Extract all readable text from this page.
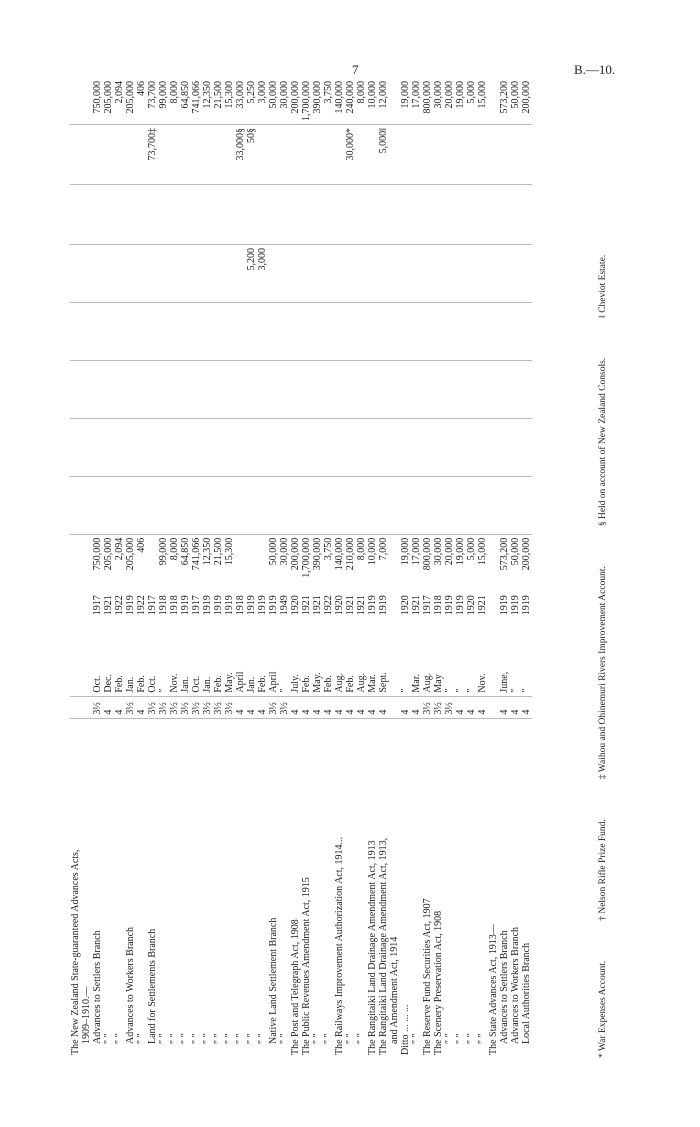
7	B.—10.
The New Zealand State-guaranteed Advances Acts,												
1909–1910.—												
Advances to Settlers Branch	3½	Oct.	1917	750,000								750,000
″ ″	4	Dec.	1921	205,000								205,000
″ ″	4	Feb.	1922	2,094								2,094
Advances to Workers Branch	3½	Jan.	1919	205,000								205,000
″ ″	4	Feb.	1922	406								406
Land for Settlements Branch	3½	Oct.	1917								73,700‡	73,700
″ ″	3½	″	1918	99,000								99,000
″ ″	3½	Nov.	1918	8,000								8,000
″ ″	3½	Jan.	1919	64,850								64,850
″ ″	3½	Oct.	1917	741,066								741,066
″ ″	3½	Jan.	1919	12,350								12,350
″ ″	3½	Feb.	1919	21,500								21,500
″ ″	3½	May.	1919	15,300								15,300
″ ″	4	April	1918								33,000§	33,000
″ ″	4	Jan.	1919						5,200		50§	5,250
″ ″	4	Feb.	1919						3,000			3,000
Native Land Settlement Branch	3½	April	1919	50,000								50,000
″ ″	3½	″	1949	30,000								30,000
The Post and Telegraph Act, 1908	4	July.	1920	200,000								200,000
The Public Revenues Amendment Act, 1915	4	Feb.	1921	1,700,000								1,700,000
″ ″	4	May.	1921	390,000								390,000
″ ″	4	Feb.	1922	3,750								3,750
The Railways Improvement Authorization Act, 1914...	4	Aug.	1920	140,000								140,000
″ ″	4	Feb.	1921	210,000							30,000*	240,000
″ ″	4	Aug.	1921	8,000								8,000
The Rangitaiki Land Drainage Amendment Act, 1913	4	Mar.	1919	10,000								10,000
The Rangitaiki Land Drainage Amendment Act, 1913,	4	Sept.	1919	7,000							5,000‖	12,000
and Amendment Act, 1914												
Ditto ... ... ...	4	″	1920	19,000								19,000
″ ″	4	Mar.	1921	17,000								17,000
The Reserve Fund Securities Act, 1907	3½	Aug.	1917	800,000								800,000
The Scenery Preservation Act, 1908	3½	May	1918	30,000								30,000
″ ″	3½	″	1919	20,000								20,000
″ ″	4	″	1919	19,000								19,000
″ ″	4	″	1920	5,000								5,000
″ ″	4	Nov.	1921	15,000								15,000
The State Advances Act, 1913—												
Advances to Settlers Branch	4	June,	1919	573,200								573,200
Advances to Workers Branch	4	″	1919	50,000								50,000
Local Authorities Branch	4	″	1919	200,000								200,000
* War Expenses Account.† Nelson Rifle Prize Fund.‡ Waihou and Ohinemuri Rivers Improvement Account.§ Held on account of New Zealand Consols.‖ Cheviot Estate.
